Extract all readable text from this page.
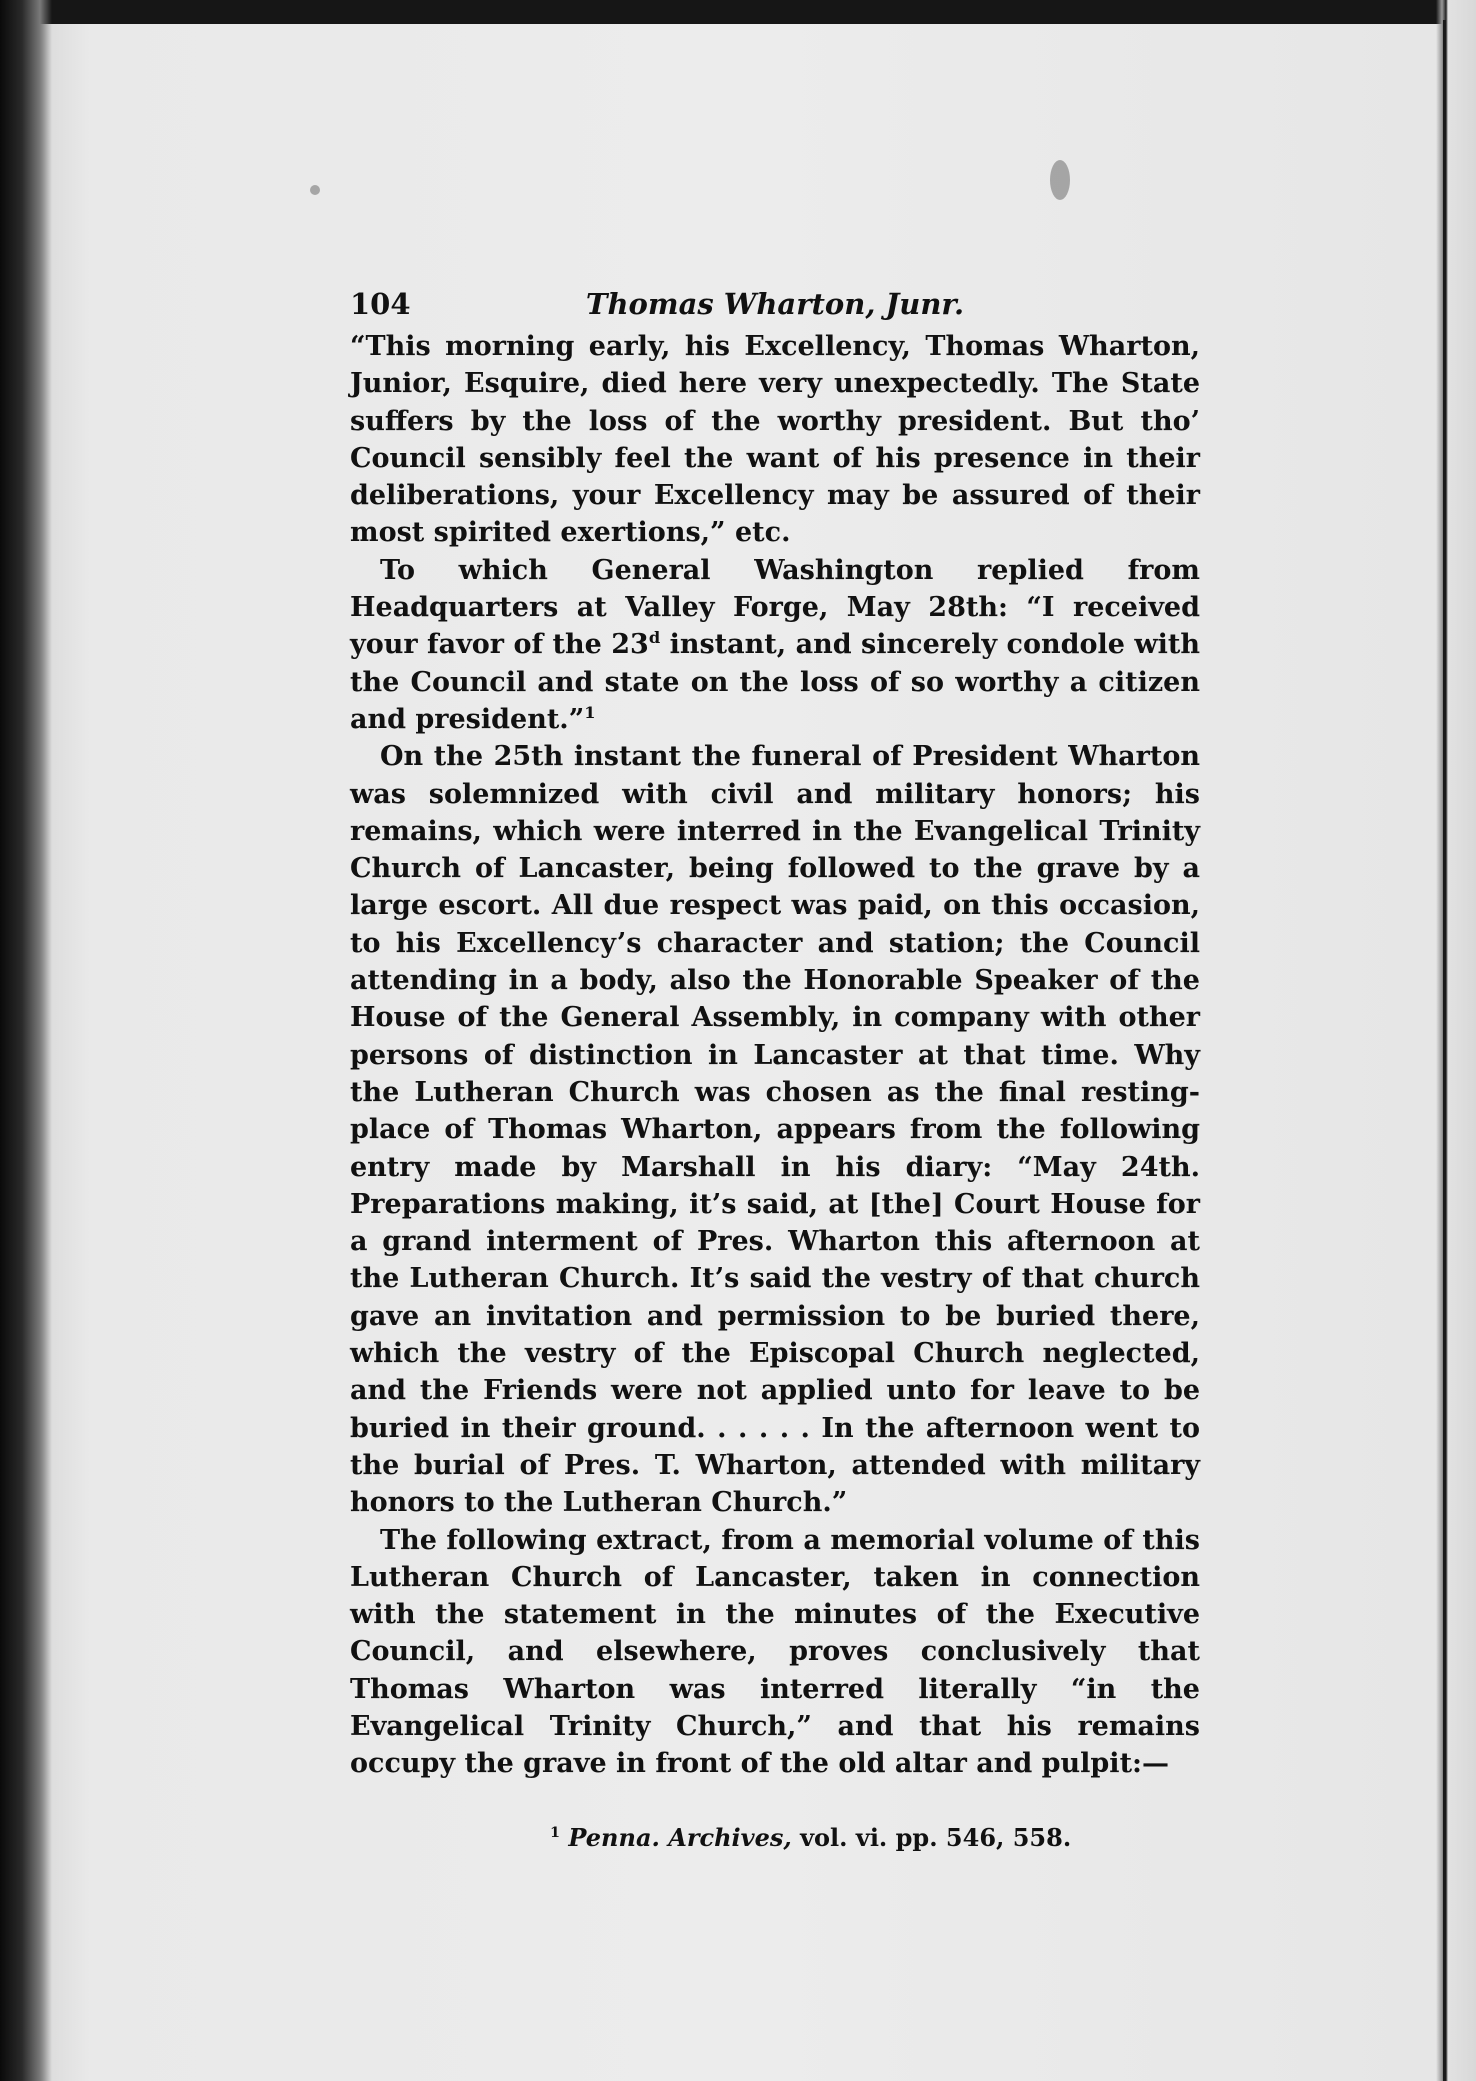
104	Thomas Wharton, Junr.

“This morning early, his Excellency, Thomas Wharton, Junior, Esquire, died here very unexpectedly. The State suffers by the loss of the worthy president. But tho’ Council sensibly feel the want of his presence in their deliberations, your Excellency may be assured of their most spirited exertions,” etc.

To which General Washington replied from Headquarters at Valley Forge, May 28th: “I received your favor of the 23$^d$ instant, and sincerely condole with the Council and state on the loss of so worthy a citizen and president.”$^1$

On the 25th instant the funeral of President Wharton was solemnized with civil and military honors; his remains, which were interred in the Evangelical Trinity Church of Lancaster, being followed to the grave by a large escort. All due respect was paid, on this occasion, to his Excellency’s character and station; the Council attending in a body, also the Honorable Speaker of the House of the General Assembly, in company with other persons of distinction in Lancaster at that time. Why the Lutheran Church was chosen as the final resting-place of Thomas Wharton, appears from the following entry made by Marshall in his diary: “May 24th. Preparations making, it’s said, at [the] Court House for a grand interment of Pres. Wharton this afternoon at the Lutheran Church. It’s said the vestry of that church gave an invitation and permission to be buried there, which the vestry of the Episcopal Church neglected, and the Friends were not applied unto for leave to be buried in their ground. . . . . . In the afternoon went to the burial of Pres. T. Wharton, attended with military honors to the Lutheran Church.”

The following extract, from a memorial volume of this Lutheran Church of Lancaster, taken in connection with the statement in the minutes of the Executive Council, and elsewhere, proves conclusively that Thomas Wharton was interred literally “in the Evangelical Trinity Church,” and that his remains occupy the grave in front of the old altar and pulpit:—

$^1$ Penna. Archives, vol. vi. pp. 546, 558.
